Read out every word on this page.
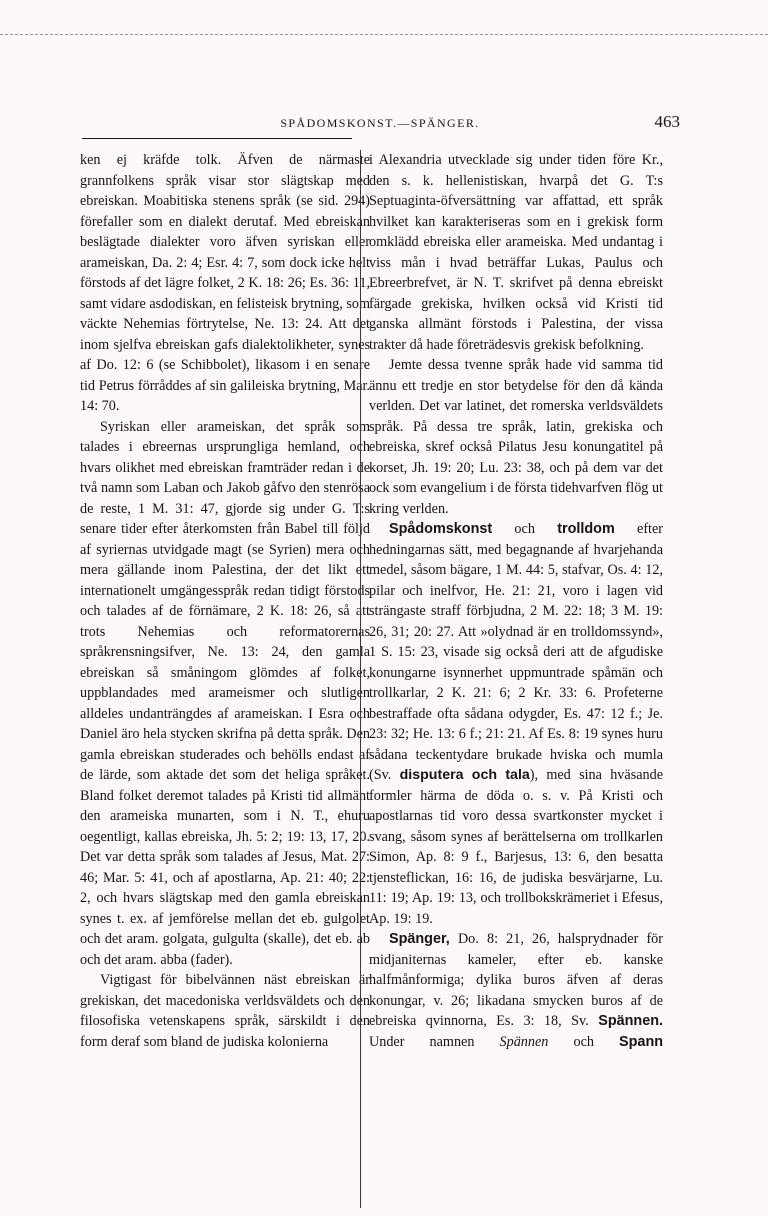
SPÅDOMSKONST.—SPÄNGER.	463

ken ej kräfde tolk. Äfven de närmaste grannfolkens språk visar stor slägtskap med ebreiskan. Moabitiska stenens språk (se sid. 294) förefaller som en dialekt derutaf. Med ebreiskan beslägtade dialekter voro äfven syriskan eller arameiskan, Da. 2: 4; Esr. 4: 7, som dock icke helt förstods af det lägre folket, 2 K. 18: 26; Es. 36: 11, samt vidare asdodiskan, en felisteisk brytning, som väckte Nehemias förtrytelse, Ne. 13: 24. Att det inom sjelfva ebreiskan gafs dialektolikheter, synes af Do. 12: 6 (se Schibbolet), likasom i en senare tid Petrus förråddes af sin galileiska brytning, Mar. 14: 70.

Syriskan eller arameiskan, det språk som talades i ebreernas ursprungliga hemland, och hvars olikhet med ebreiskan framträder redan i de två namn som Laban och Jakob gåfvo den stenrösa de reste, 1 M. 31: 47, gjorde sig under G. T:s senare tider efter återkomsten från Babel till följd af syriernas utvidgade magt (se Syrien) mera och mera gällande inom Palestina, der det likt ett internationelt umgängesspråk redan tidigt förstods och talades af de förnämare, 2 K. 18: 26, så att trots Nehemias och reformatorernas språkrensningsifver, Ne. 13: 24, den gamla ebreiskan så småningom glömdes af folket, uppblandades med arameismer och slutligen alldeles undanträngdes af arameiskan. I Esra och Daniel äro hela stycken skrifna på detta språk. Den gamla ebreiskan studerades och behölls endast af de lärde, som aktade det som det heliga språket. Bland folket deremot talades på Kristi tid allmänt den arameiska munarten, som i N. T., ehuru oegentligt, kallas ebreiska, Jh. 5: 2; 19: 13, 17, 20. Det var detta språk som talades af Jesus, Mat. 27: 46; Mar. 5: 41, och af apostlarna, Ap. 21: 40; 22: 2, och hvars slägtskap med den gamla ebreiskan synes t. ex. af jemförelse mellan det eb. gulgolet och det aram. golgata, gulgulta (skalle), det eb. ab och det aram. abba (fader).

Vigtigast för bibelvännen näst ebreiskan är grekiskan, det macedoniska verldsväldets och den filosofiska vetenskapens språk, särskildt i den form deraf som bland de judiska kolonierna

i Alexandria utvecklade sig under tiden före Kr., den s. k. hellenistiskan, hvarpå det G. T:s Septuaginta-öfversättning var affattad, ett språk hvilket kan karakteriseras som en i grekisk form omklädd ebreiska eller arameiska. Med undantag i viss mån i hvad beträffar Lukas, Paulus och Ebreerbrefvet, är N. T. skrifvet på denna ebreiskt färgade grekiska, hvilken också vid Kristi tid ganska allmänt förstods i Palestina, der vissa trakter då hade företrädesvis grekisk befolkning.

Jemte dessa tvenne språk hade vid samma tid ännu ett tredje en stor betydelse för den då kända verlden. Det var latinet, det romerska verldsväldets språk. På dessa tre språk, latin, grekiska och ebreiska, skref också Pilatus Jesu konungatitel på korset, Jh. 19: 20; Lu. 23: 38, och på dem var det ock som evangelium i de första tidehvarfven flög ut kring verlden.

Spådomskonst och trolldom efter hedningarnas sätt, med begagnande af hvarjehanda medel, såsom bägare, 1 M. 44: 5, stafvar, Os. 4: 12, pilar och inelfvor, He. 21: 21, voro i lagen vid strängaste straff förbjudna, 2 M. 22: 18; 3 M. 19: 26, 31; 20: 27. Att »olydnad är en trolldomssynd», 1 S. 15: 23, visade sig också deri att de afgudiske konungarne isynnerhet uppmuntrade spåmän och trollkarlar, 2 K. 21: 6; 2 Kr. 33: 6. Profeterne bestraffade ofta sådana odygder, Es. 47: 12 f.; Je. 23: 32; He. 13: 6 f.; 21: 21. Af Es. 8: 19 synes huru sådana teckentydare brukade hviska och mumla (Sv. disputera och tala), med sina hväsande formler härma de döda o. s. v. På Kristi och apostlarnas tid voro dessa svartkonster mycket i svang, såsom synes af berättelserna om trollkarlen Simon, Ap. 8: 9 f., Barjesus, 13: 6, den besatta tjensteflickan, 16: 16, de judiska besvärjarne, Lu. 11: 19; Ap. 19: 13, och trollbokskrämeriet i Efesus, Ap. 19: 19.

Spänger, Do. 8: 21, 26, halsprydnader för midjaniternas kameler, efter eb. kanske halfmånformiga; dylika buros äfven af deras konungar, v. 26; likadana smycken buros af de ebreiska qvinnorna, Es. 3: 18, Sv. Spännen. Under namnen Spännen och Spann
